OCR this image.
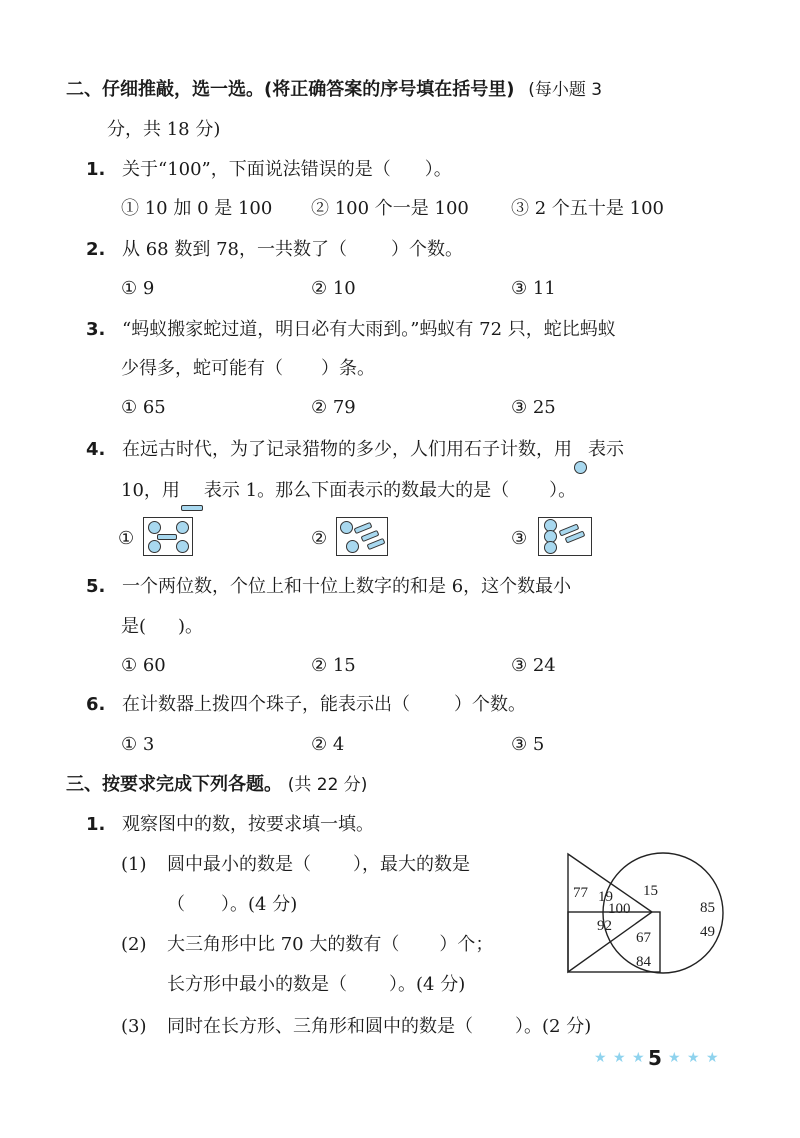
二、仔细推敲，选一选。(将正确答案的序号填在括号里) (每小题 3
分，共 18 分)
1. 关于“100”，下面说法错误的是（ ）。
① 10 加 0 是 100 ② 100 个一是 100 ③ 2 个五十是 100
2. 从 68 数到 78，一共数了（ ）个数。
① 9	② 10	③ 11
3. “蚂蚁搬家蛇过道，明日必有大雨到。”蚂蚁有 72 只，蛇比蚂蚁
少得多，蛇可能有（ ）条。
① 65	② 79	③ 25
4. 在远古时代，为了记录猎物的多少，人们用石子计数，用 表示
10，用 表示 1。那么下面表示的数最大的是（ ）。
①	②	③
5. 一个两位数，个位上和十位上数字的和是 6，这个数最小
是( )。
① 60	② 15	③ 24
6. 在计数器上拨四个珠子，能表示出（ ）个数。
① 3	② 4	③ 5
三、按要求完成下列各题。 (共 22 分)
1. 观察图中的数，按要求填一填。
(1) 圆中最小的数是（ ），最大的数是
（ ）。(4 分)
(2) 大三角形中比 70 大的数有（ ）个；
长方形中最小的数是（ ）。(4 分)
(3) 同时在长方形、三角形和圆中的数是（ ）。(2 分)
77 19
100
15
85
92
67	49
84
★ ★ ★ 5 ★ ★ ★
